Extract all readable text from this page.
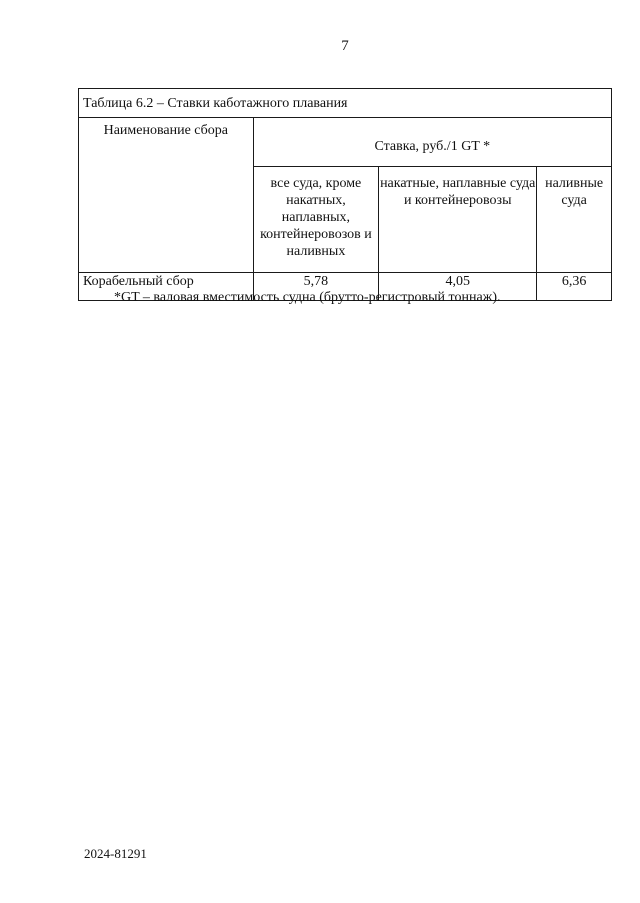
7
Таблица 6.2 – Ставки каботажного плавания			
Наименование сбора	Ставка, руб./1 GT *		
	все суда, кроме накатных, наплавных, контейнеровозов и наливных	накатные, наплавные суда и контейнеровозы	наливные суда
Корабельный сбор	5,78	4,05	6,36
*GT – валовая вместимость судна (брутто-регистровый тоннаж).
2024-81291
